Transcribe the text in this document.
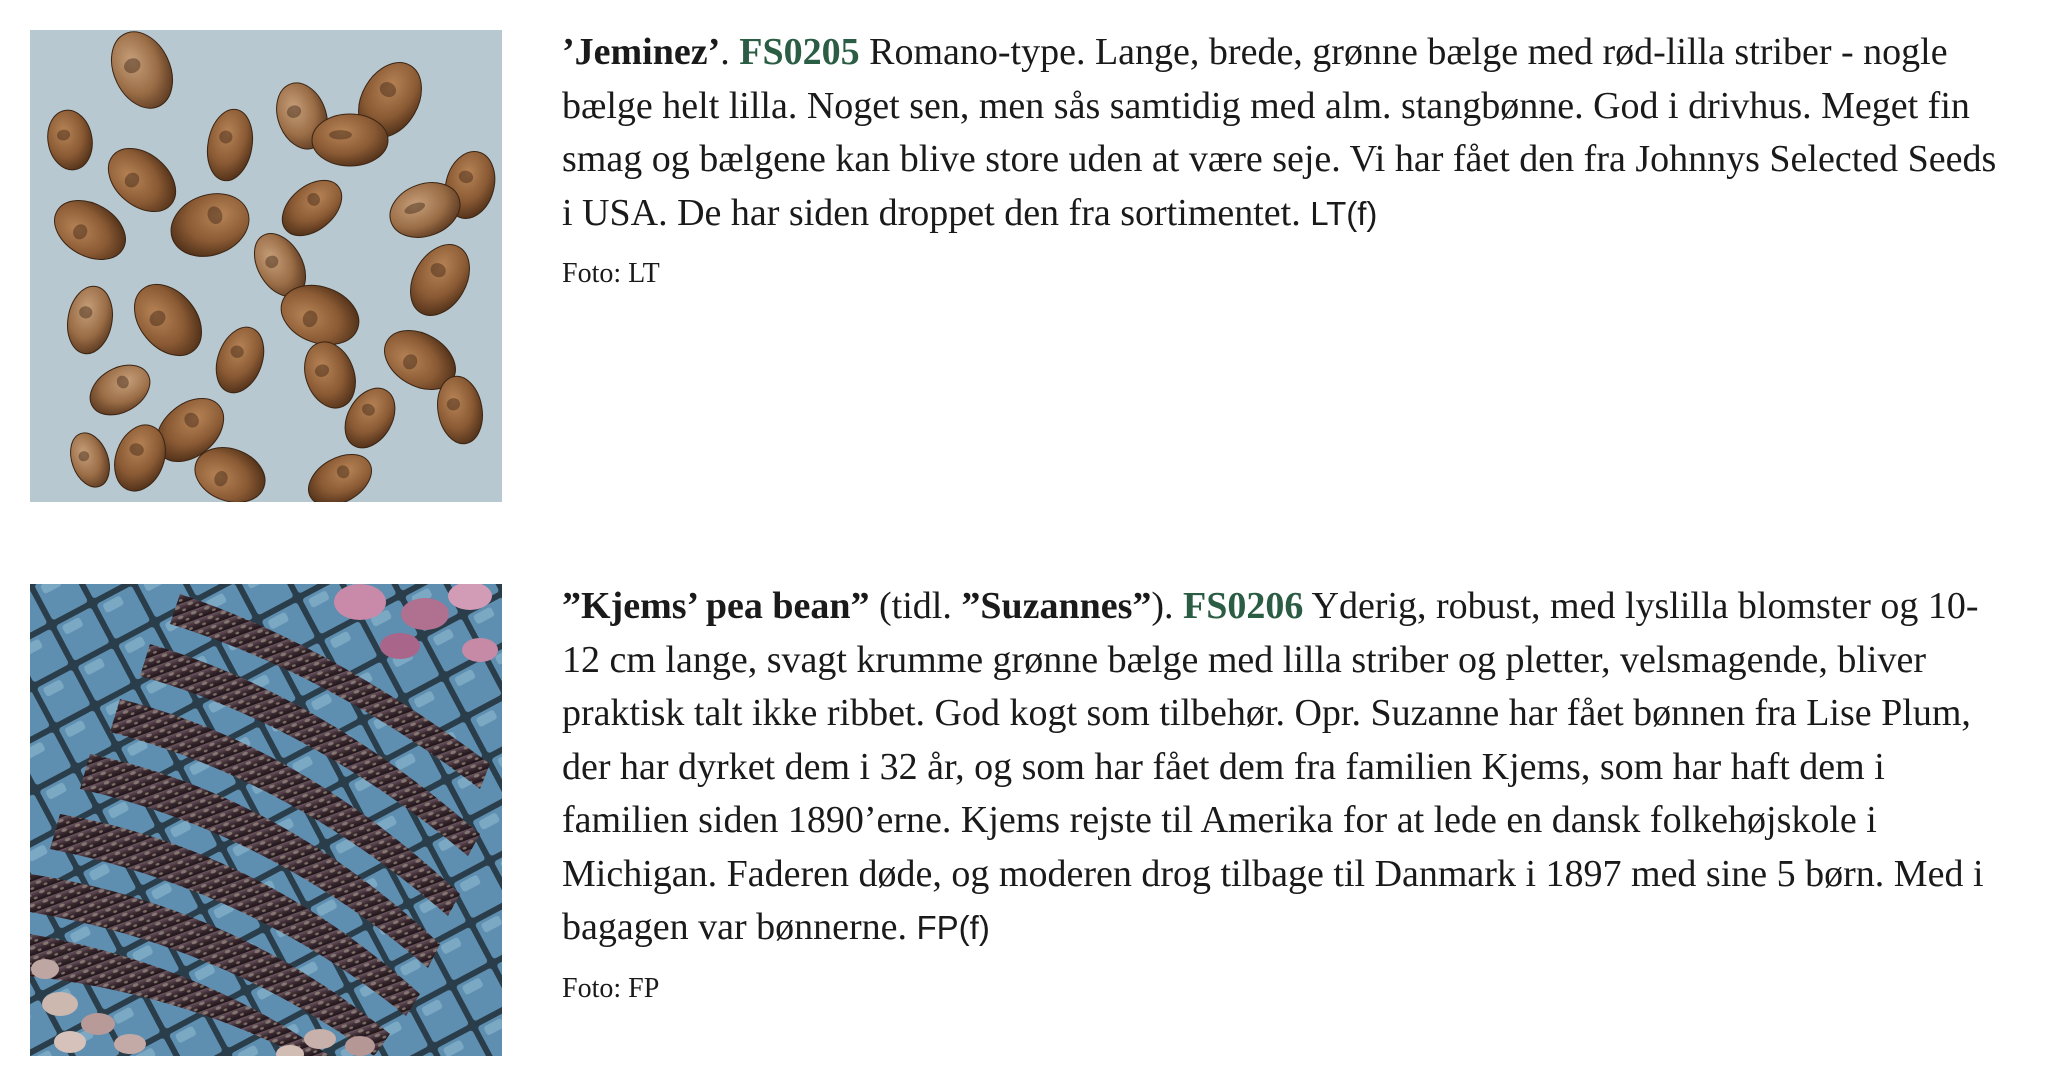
’Jeminez’. FS0205 Romano-type. Lange, brede, grønne bælge med rød-lilla striber - nogle bælge helt lilla. Noget sen, men sås samtidig med alm. stangbønne. God i drivhus. Meget fin smag og bælgene kan blive store uden at være seje. Vi har fået den fra Johnnys Selected Seeds i USA. De har siden droppet den fra sortimentet. LT(f)
Foto: LT
”Kjems’ pea bean” (tidl. ”Suzannes”). FS0206 Yderig, robust, med lyslilla blomster og 10-12 cm lange, svagt krumme grønne bælge med lilla striber og pletter, velsmagende, bliver praktisk talt ikke ribbet. God kogt som tilbehør. Opr. Suzanne har fået bønnen fra Lise Plum, der har dyrket dem i 32 år, og som har fået dem fra familien Kjems, som har haft dem i familien siden 1890’erne. Kjems rejste til Amerika for at lede en dansk folkehøjskole i Michigan. Faderen døde, og moderen drog tilbage til Danmark i 1897 med sine 5 børn. Med i bagagen var bønnerne. FP(f)
Foto: FP
